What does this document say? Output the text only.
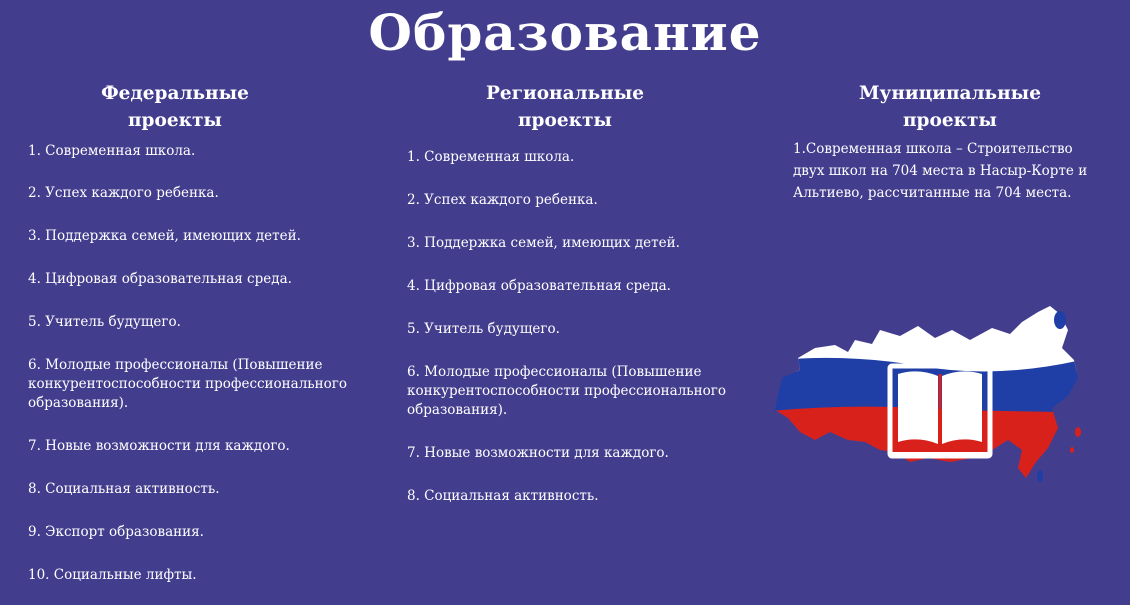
Образование
Федеральные
проекты
1. Современная школа.
2. Успех каждого ребенка.
3. Поддержка семей, имеющих детей.
4. Цифровая образовательная среда.
5. Учитель будущего.
6. Молодые профессионалы (Повышение конкурентоспособности профессионального образования).
7. Новые возможности для каждого.
8. Социальная активность.
9. Экспорт образования.
10. Социальные лифты.
Региональные
проекты
1. Современная школа.
2. Успех каждого ребенка.
3. Поддержка семей, имеющих детей.
4. Цифровая образовательная среда.
5. Учитель будущего.
6. Молодые профессионалы (Повышение конкурентоспособности профессионального образования).
7. Новые возможности для каждого.
8. Социальная активность.
Муниципальные
проекты
1.Современная школа – Строительство двух школ на 704 места в Насыр-Корте и Альтиево, рассчитанные на 704 места.
